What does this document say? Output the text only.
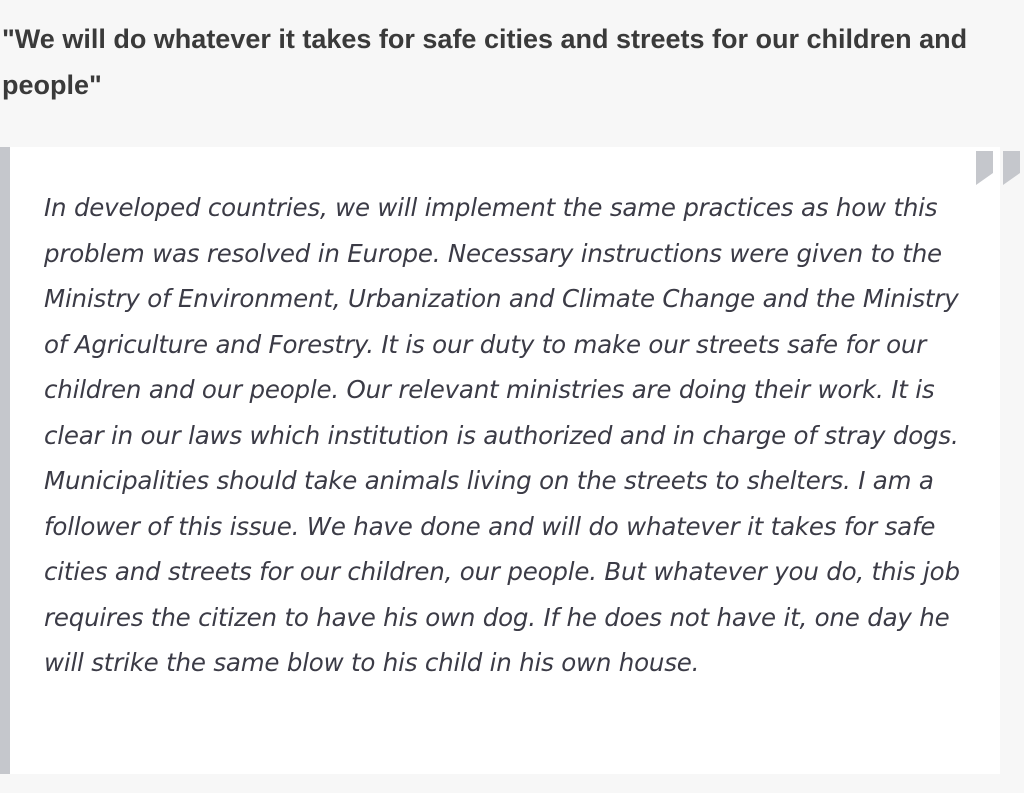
"We will do whatever it takes for safe cities and streets for our children and people"

In developed countries, we will implement the same practices as how this problem was resolved in Europe. Necessary instructions were given to the Ministry of Environment, Urbanization and Climate Change and the Ministry of Agriculture and Forestry. It is our duty to make our streets safe for our children and our people. Our relevant ministries are doing their work. It is clear in our laws which institution is authorized and in charge of stray dogs. Municipalities should take animals living on the streets to shelters. I am a follower of this issue. We have done and will do whatever it takes for safe cities and streets for our children, our people. But whatever you do, this job requires the citizen to have his own dog. If he does not have it, one day he will strike the same blow to his child in his own house.
